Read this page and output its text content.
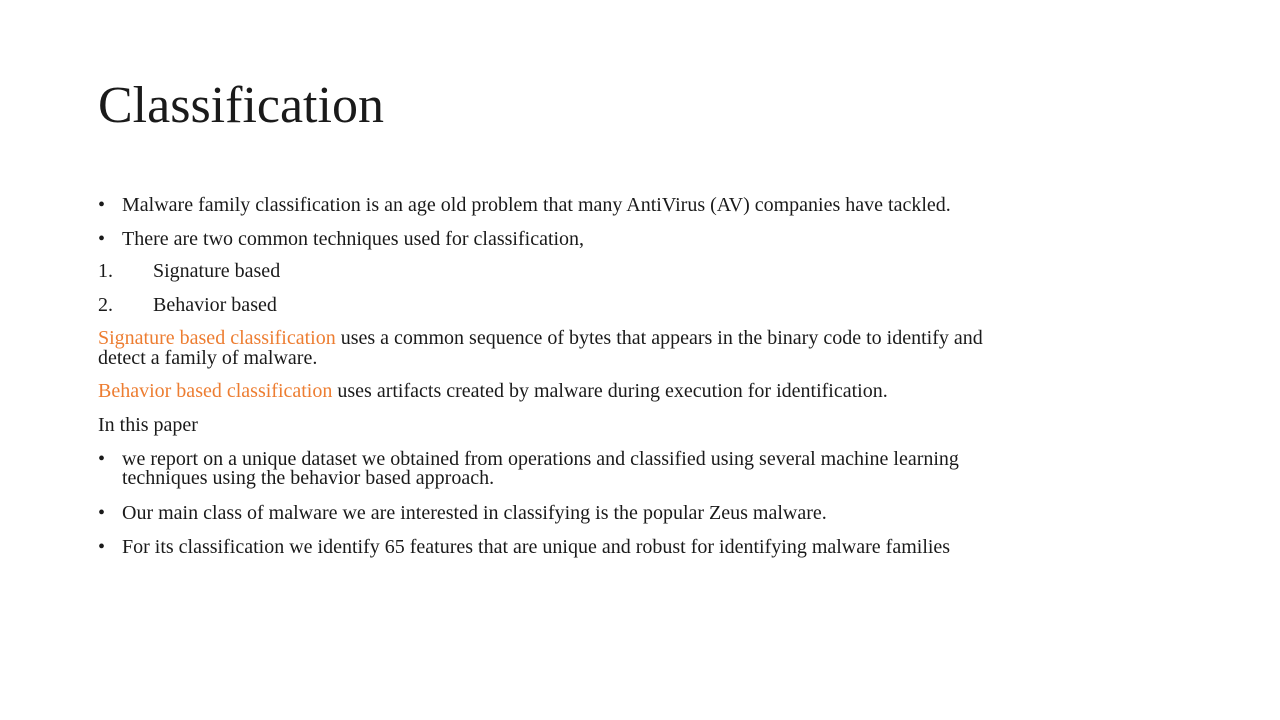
Classification
• Malware family classification is an age old problem that many AntiVirus (AV) companies have tackled.
• There are two common techniques used for classification,
1. Signature based
2. Behavior based
Signature based classification uses a common sequence of bytes that appears in the binary code to identify and
detect a family of malware.
Behavior based classification uses artifacts created by malware during execution for identification.
In this paper
• we report on a unique dataset we obtained from operations and classified using several machine learning
techniques using the behavior based approach.
• Our main class of malware we are interested in classifying is the popular Zeus malware.
• For its classification we identify 65 features that are unique and robust for identifying malware families
